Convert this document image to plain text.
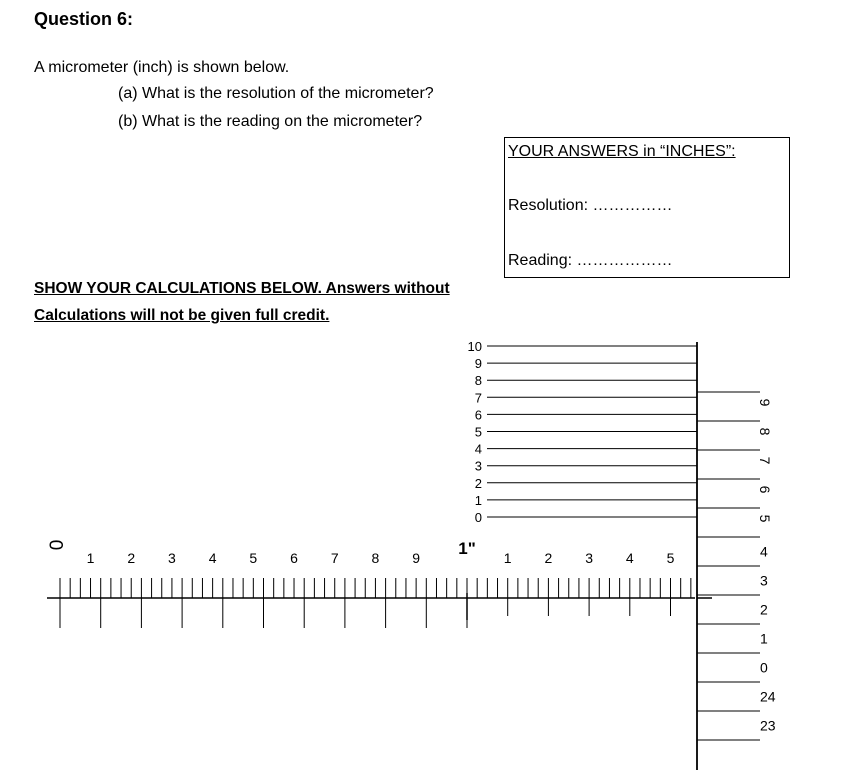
Question 6:
A micrometer (inch) is shown below.
(a) What is the resolution of the micrometer?
(b) What is the reading on the micrometer?
YOUR ANSWERS in “INCHES”:
Resolution: ……………
Reading: ………………
SHOW YOUR CALCULATIONS BELOW. Answers without
Calculations will not be given full credit.
0
1 2 3 4 5 6 7 8 9 1" 1 2 3 4 5
0
1
2
3
4
5
6
7
8
9
10
9
8
7
6
5
4
3
2
1
0
24
23
